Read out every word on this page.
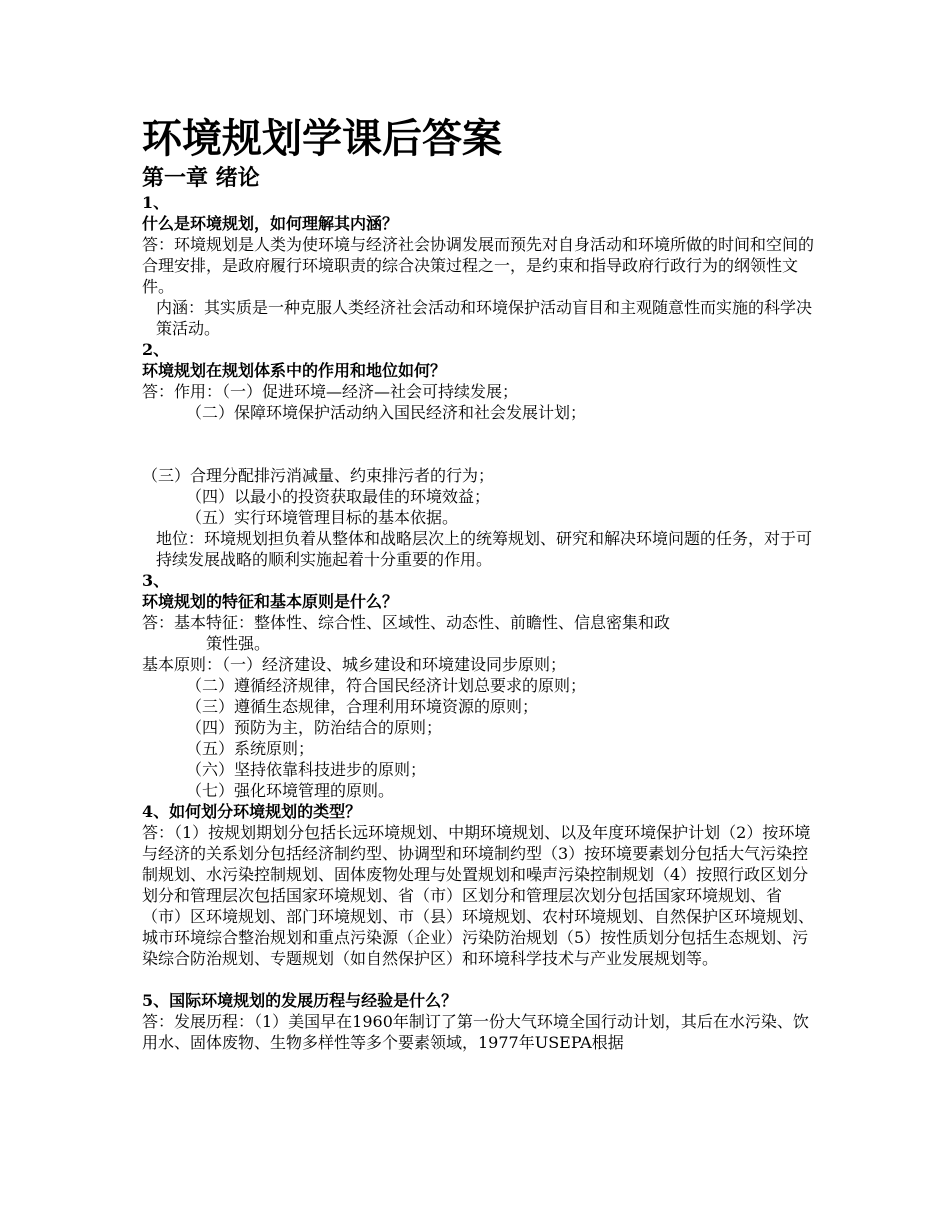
环境规划学课后答案
第一章 绪论

1、

什么是环境规划，如何理解其内涵？

答：环境规划是人类为使环境与经济社会协调发展而预先对自身活动和环境所做的时间和空间的合理安排，是政府履行环境职责的综合决策过程之一，是约束和指导政府行政行为的纲领性文件。

内涵：其实质是一种克服人类经济社会活动和环境保护活动盲目和主观随意性而实施的科学决策活动。

2、

环境规划在规划体系中的作用和地位如何？

答：作用：（一）促进环境—经济—社会可持续发展；

（二）保障环境保护活动纳入国民经济和社会发展计划；

（三）合理分配排污消减量、约束排污者的行为；

（四）以最小的投资获取最佳的环境效益；

（五）实行环境管理目标的基本依据。

地位：环境规划担负着从整体和战略层次上的统筹规划、研究和解决环境问题的任务，对于可持续发展战略的顺利实施起着十分重要的作用。

3、

环境规划的特征和基本原则是什么？

答：基本特征：整体性、综合性、区域性、动态性、前瞻性、信息密集和政

策性强。

基本原则：（一）经济建设、城乡建设和环境建设同步原则；

（二）遵循经济规律，符合国民经济计划总要求的原则；

（三）遵循生态规律，合理利用环境资源的原则；

（四）预防为主，防治结合的原则；

（五）系统原则；

（六）坚持依靠科技进步的原则；

（七）强化环境管理的原则。

4、如何划分环境规划的类型？

答：（1）按规划期划分包括长远环境规划、中期环境规划、以及年度环境保护计划（2）按环境与经济的关系划分包括经济制约型、协调型和环境制约型（3）按环境要素划分包括大气污染控制规划、水污染控制规划、固体废物处理与处置规划和噪声污染控制规划（4）按照行政区划分划分和管理层次包括国家环境规划、省（市）区划分和管理层次划分包括国家环境规划、省（市）区环境规划、部门环境规划、市（县）环境规划、农村环境规划、自然保护区环境规划、城市环境综合整治规划和重点污染源（企业）污染防治规划（5）按性质划分包括生态规划、污染综合防治规划、专题规划（如自然保护区）和环境科学技术与产业发展规划等。

5、国际环境规划的发展历程与经验是什么？

答：发展历程：（1）美国早在1960年制订了第一份大气环境全国行动计划，其后在水污染、饮用水、固体废物、生物多样性等多个要素领域，1977年USEPA根据
